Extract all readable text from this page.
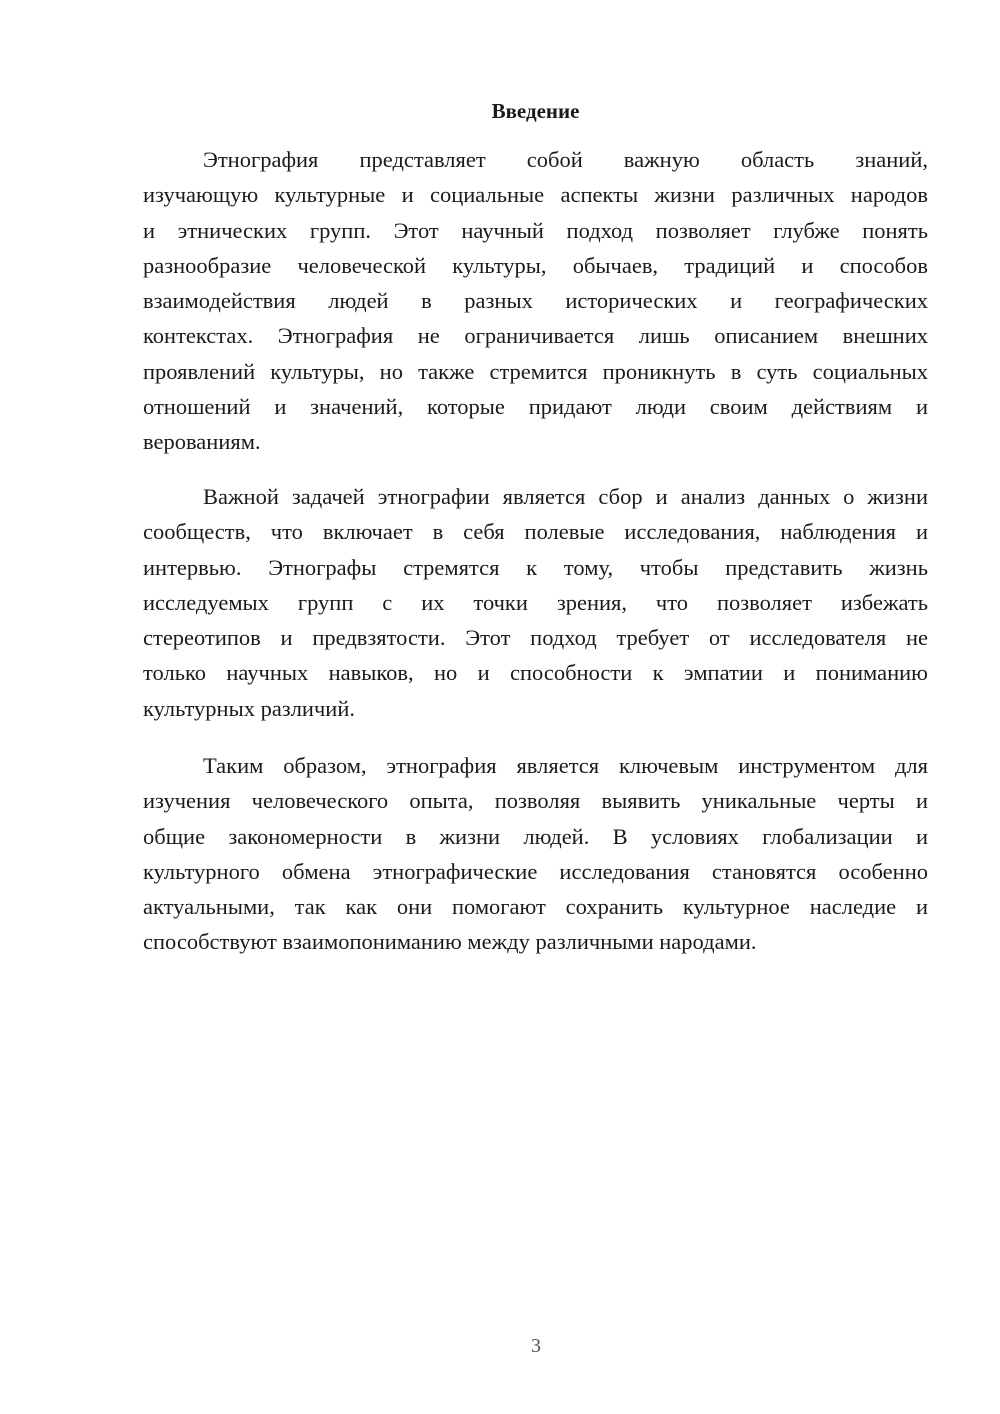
Введение
Этнография представляет собой важную область знаний,
изучающую культурные и социальные аспекты жизни различных народов
и этнических групп. Этот научный подход позволяет глубже понять
разнообразие человеческой культуры, обычаев, традиций и способов
взаимодействия людей в разных исторических и географических
контекстах. Этнография не ограничивается лишь описанием внешних
проявлений культуры, но также стремится проникнуть в суть социальных
отношений и значений, которые придают люди своим действиям и
верованиям.
Важной задачей этнографии является сбор и анализ данных о жизни
сообществ, что включает в себя полевые исследования, наблюдения и
интервью. Этнографы стремятся к тому, чтобы представить жизнь
исследуемых групп с их точки зрения, что позволяет избежать
стереотипов и предвзятости. Этот подход требует от исследователя не
только научных навыков, но и способности к эмпатии и пониманию
культурных различий.
Таким образом, этнография является ключевым инструментом для
изучения человеческого опыта, позволяя выявить уникальные черты и
общие закономерности в жизни людей. В условиях глобализации и
культурного обмена этнографические исследования становятся особенно
актуальными, так как они помогают сохранить культурное наследие и
способствуют взаимопониманию между различными народами.
3
